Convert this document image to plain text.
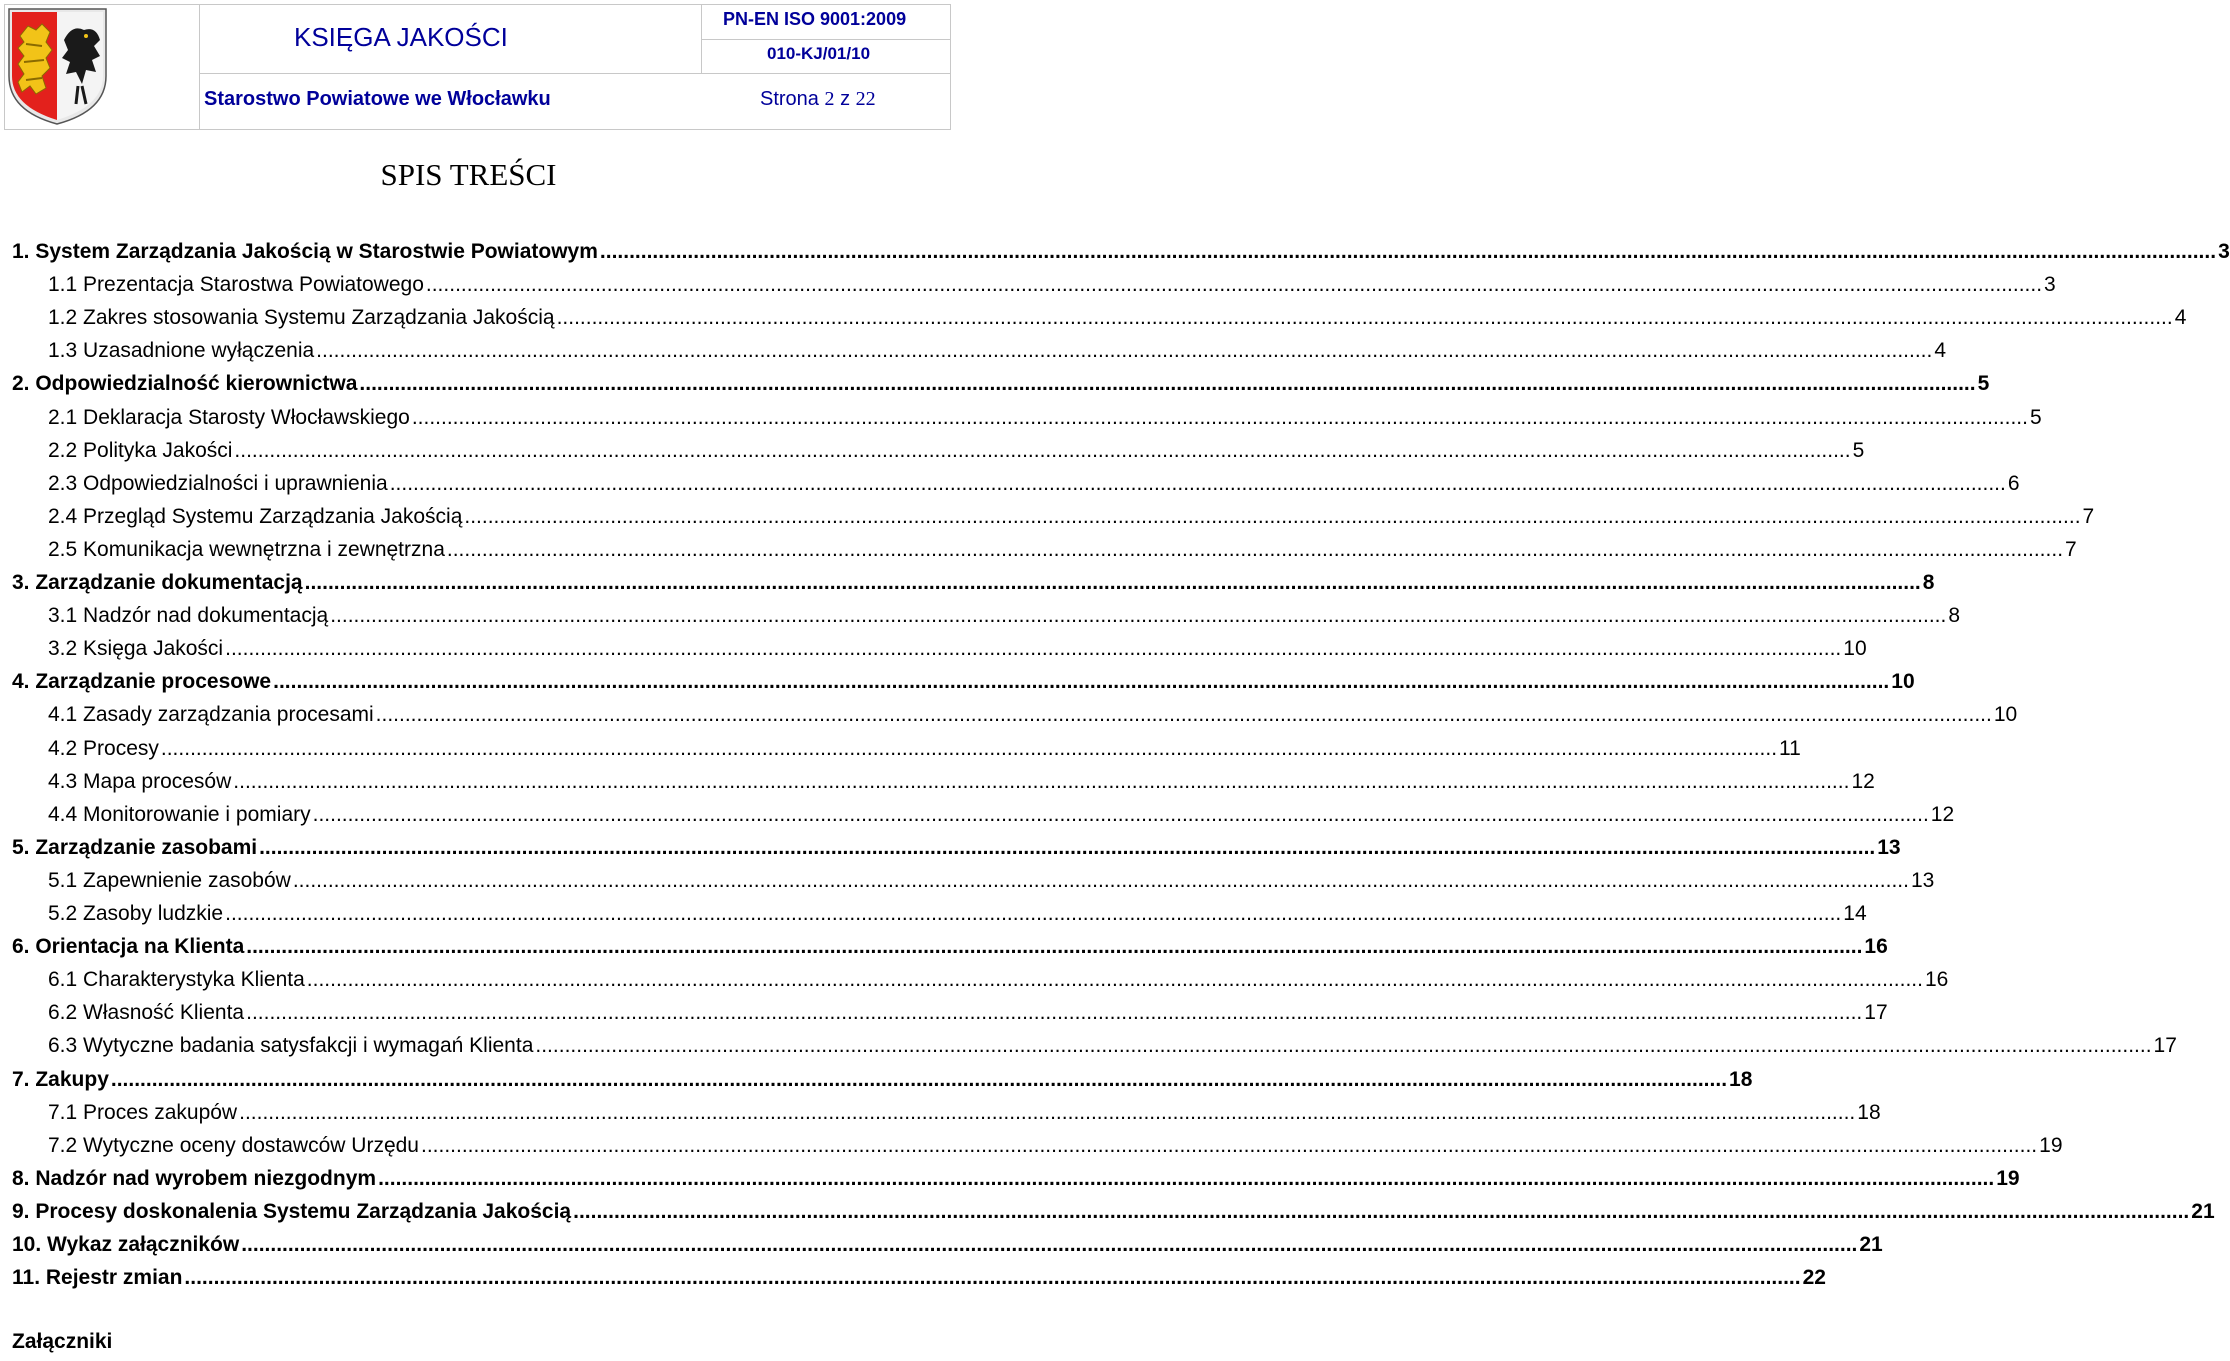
KSIĘGA JAKOŚCI
PN-EN ISO 9001:2009
010-KJ/01/10
Starostwo Powiatowe we Włocławku	Strona 2 z 22
SPIS TREŚCI
1. System Zarządzania Jakością w Starostwie Powiatowym .....	3
1.1 Prezentacja Starostwa Powiatowego .....	3
1.2 Zakres stosowania Systemu Zarządzania Jakością .....	4
1.3 Uzasadnione wyłączenia .....	4
2. Odpowiedzialność kierownictwa .....	5
2.1 Deklaracja Starosty Włocławskiego .....	5
2.2 Polityka Jakości .....	5
2.3 Odpowiedzialności i uprawnienia .....	6
2.4 Przegląd Systemu Zarządzania Jakością .....	7
2.5 Komunikacja wewnętrzna i zewnętrzna .....	7
3. Zarządzanie dokumentacją .....	8
3.1 Nadzór nad dokumentacją .....	8
3.2 Księga Jakości .....	10
4. Zarządzanie procesowe .....	10
4.1 Zasady zarządzania procesami .....	10
4.2 Procesy .....	11
4.3 Mapa procesów .....	12
4.4 Monitorowanie i pomiary .....	12
5. Zarządzanie zasobami .....	13
5.1 Zapewnienie zasobów .....	13
5.2 Zasoby ludzkie .....	14
6. Orientacja na Klienta .....	16
6.1 Charakterystyka Klienta .....	16
6.2 Własność Klienta .....	17
6.3 Wytyczne badania satysfakcji i wymagań Klienta .....	17
7. Zakupy .....	18
7.1 Proces zakupów .....	18
7.2 Wytyczne oceny dostawców Urzędu .....	19
8. Nadzór nad wyrobem niezgodnym .....	19
9. Procesy doskonalenia Systemu Zarządzania Jakością .....	21
10. Wykaz załączników .....	21
11. Rejestr zmian .....	22
Załączniki
